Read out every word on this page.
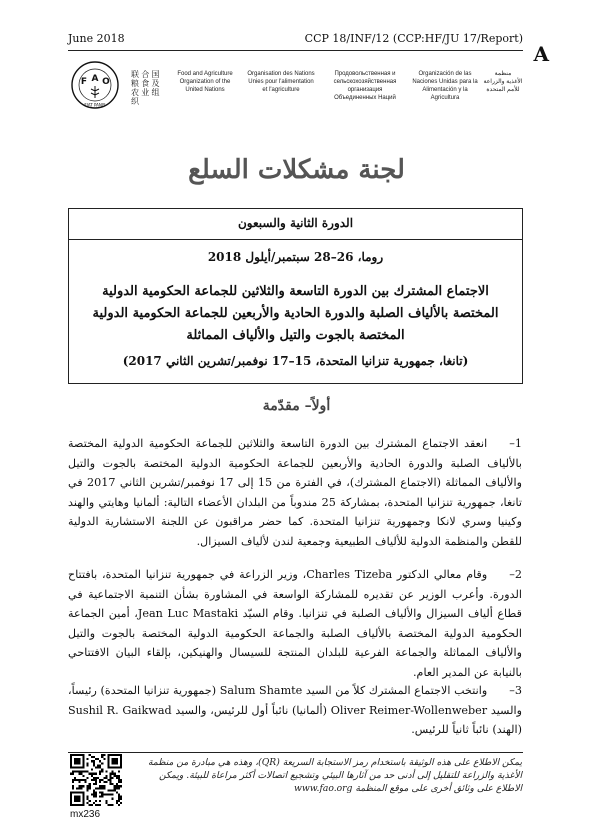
June 2018	CCP 18/INF/12 (CCP:HF/JU 17/Report)
A
F A O
FIAT PANIS
联 合 国
粮 食 及
农 业 组 织
Food and Agriculture
Organization of the
United Nations
Organisation des Nations
Unies pour l'alimentation
et l'agriculture
Продовольственная и
сельскохозяйственная организация
Объединенных Наций
Organización de las
Naciones Unidas para la
Alimentación y la Agricultura
منظمة
الأغذية والزراعة
للأمم المتحدة
لجنة مشكلات السلع
الدورة الثانية والسبعون
روما، 26–28 سبتمبر/أيلول 2018
الاجتماع المشترك بين الدورة التاسعة والثلاثين للجماعة الحكومية الدولية المختصة بالألياف الصلبة والدورة الحادية والأربعين للجماعة الحكومية الدولية المختصة بالجوت والتيل والألياف المماثلة
(تانغا، جمهورية تنزانيا المتحدة، 15–17 نوفمبر/تشرين الثاني 2017)
أولاً– مقدّمة
1–انعقد الاجتماع المشترك بين الدورة التاسعة والثلاثين للجماعة الحكومية الدولية المختصة بالألياف الصلبة والدورة الحادية والأربعين للجماعة الحكومية الدولية المختصة بالجوت والتيل والألياف المماثلة (الاجتماع المشترك)، في الفترة من 15 إلى 17 نوفمبر/تشرين الثاني 2017 في تانغا، جمهورية تنزانيا المتحدة، بمشاركة 25 مندوباً من البلدان الأعضاء التالية: ألمانيا وهايتي والهند وكينيا وسري لانكا وجمهورية تنزانيا المتحدة. كما حضر مراقبون عن اللجنة الاستشارية الدولية للقطن والمنظمة الدولية للألياف الطبيعية وجمعية لندن لألياف السيزال.
2–وقام معالي الدكتور Charles Tizeba، وزير الزراعة في جمهورية تنزانيا المتحدة، بافتتاح الدورة. وأعرب الوزير عن تقديره للمشاركة الواسعة في المشاورة بشأن التنمية الاجتماعية في قطاع ألياف السيزال والألياف الصلبة في تنزانيا. وقام السيّد Jean Luc Mastaki، أمين الجماعة الحكومية الدولية المختصة بالألياف الصلبة والجماعة الحكومية الدولية المختصة بالجوت والتيل والألياف المماثلة والجماعة الفرعية للبلدان المنتجة للسيسال والهنيكين، بإلقاء البيان الافتتاحي بالنيابة عن المدير العام.
3–وانتخب الاجتماع المشترك كلاً من السيد Salum Shamte (جمهورية تنزانيا المتحدة) رئيساً، والسيد Oliver Reimer-Wollenweber (ألمانيا) نائباً أول للرئيس، والسيد Sushil R. Gaikwad (الهند) نائباً ثانياً للرئيس.
mx236
يمكن الاطلاع على هذه الوثيقة باستخدام رمز الاستجابة السريعة (QR)، وهذه هي مبادرة من منظمة الأغذية والزراعة للتقليل إلى أدنى حد من آثارها البيئي وتشجيع اتصالات أكثر مراعاة للبيئة. ويمكن الاطلاع على وثائق أخرى على موقع المنظمة www.fao.org
